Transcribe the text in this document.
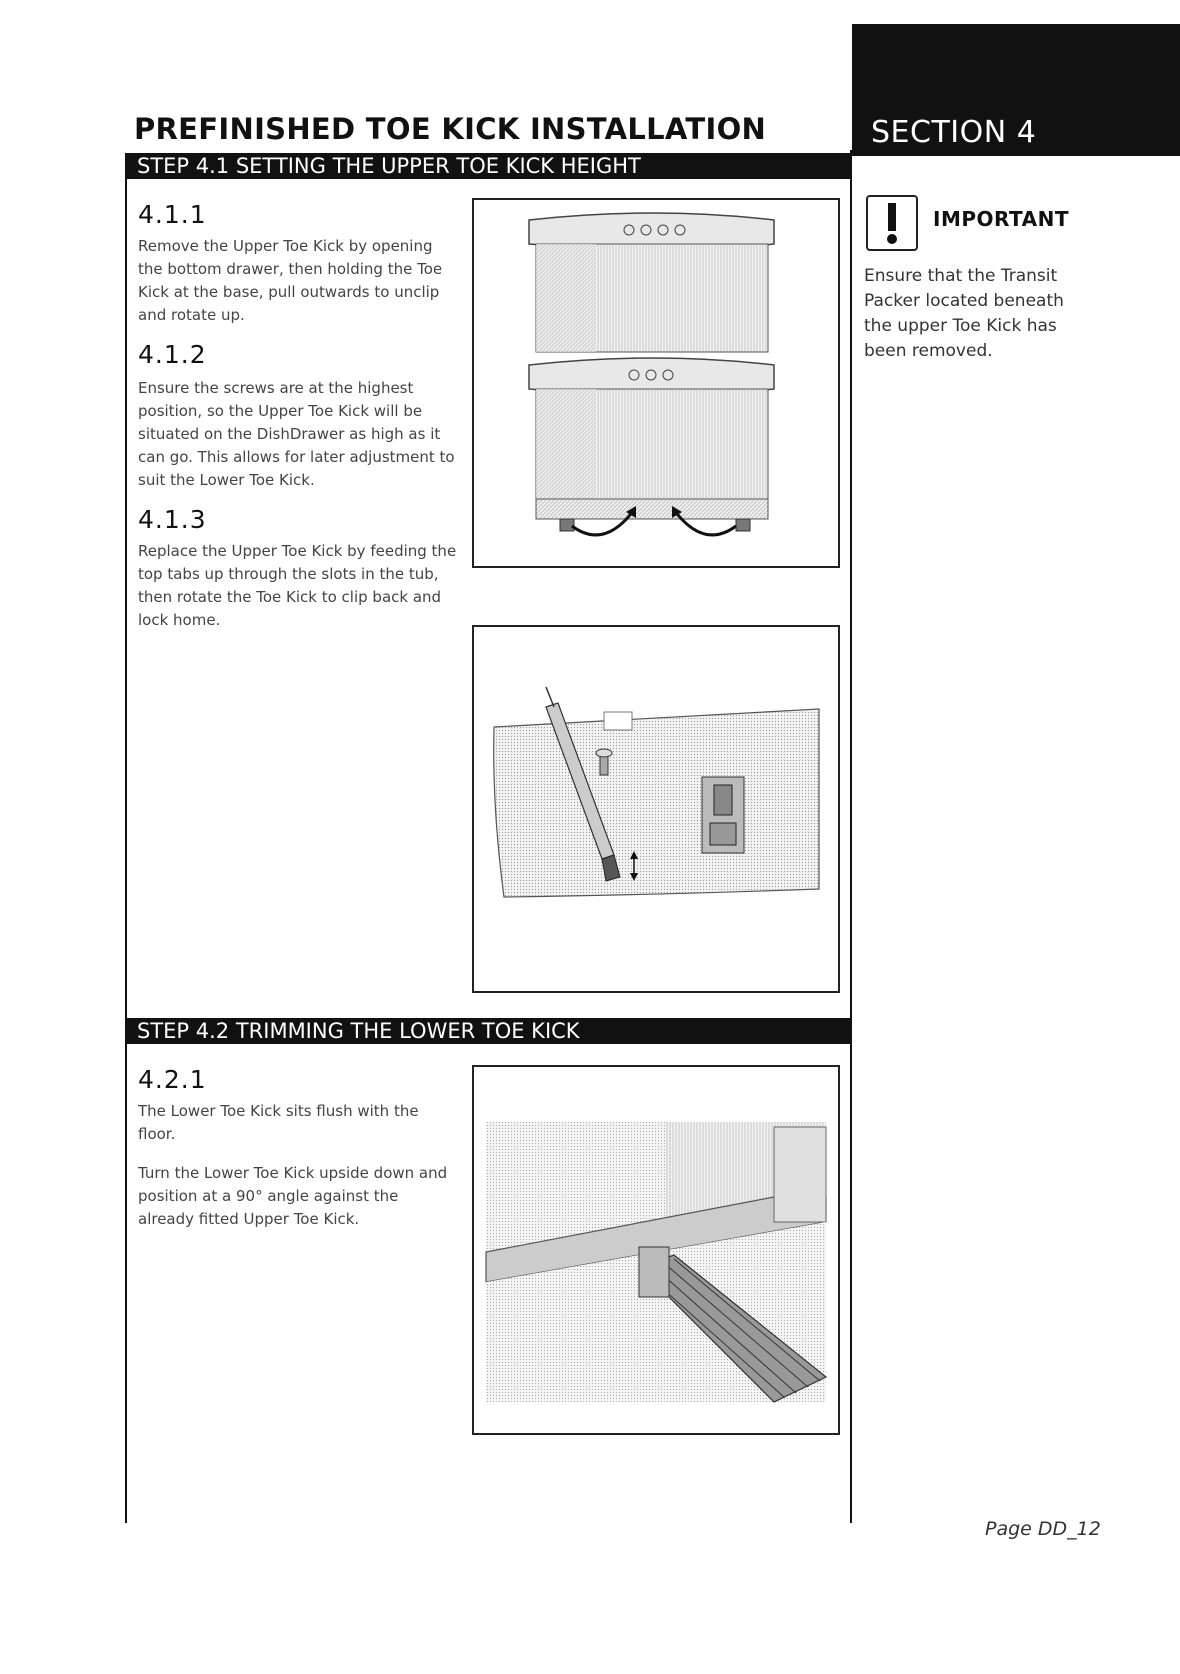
SECTION 4
PREFINISHED TOE KICK INSTALLATION
STEP 4.1 SETTING THE UPPER TOE KICK HEIGHT
4.1.1

Remove the Upper Toe Kick by opening the bottom drawer, then holding the Toe Kick at the base, pull outwards to unclip and rotate up.

4.1.2

Ensure the screws are at the highest position, so the Upper Toe Kick will be situated on the DishDrawer as high as it can go. This allows for later adjustment to suit the Lower Toe Kick.

4.1.3

Replace the Upper Toe Kick by feeding the top tabs up through the slots in the tub, then rotate the Toe Kick to clip back and lock home.

STEP 4.2 TRIMMING THE LOWER TOE KICK
4.2.1

The Lower Toe Kick sits flush with the floor.

Turn the Lower Toe Kick upside down and position at a 90° angle against the already fitted Upper Toe Kick.

IMPORTANT

Ensure that the Transit Packer located beneath the upper Toe Kick has been removed.

Page DD_12
